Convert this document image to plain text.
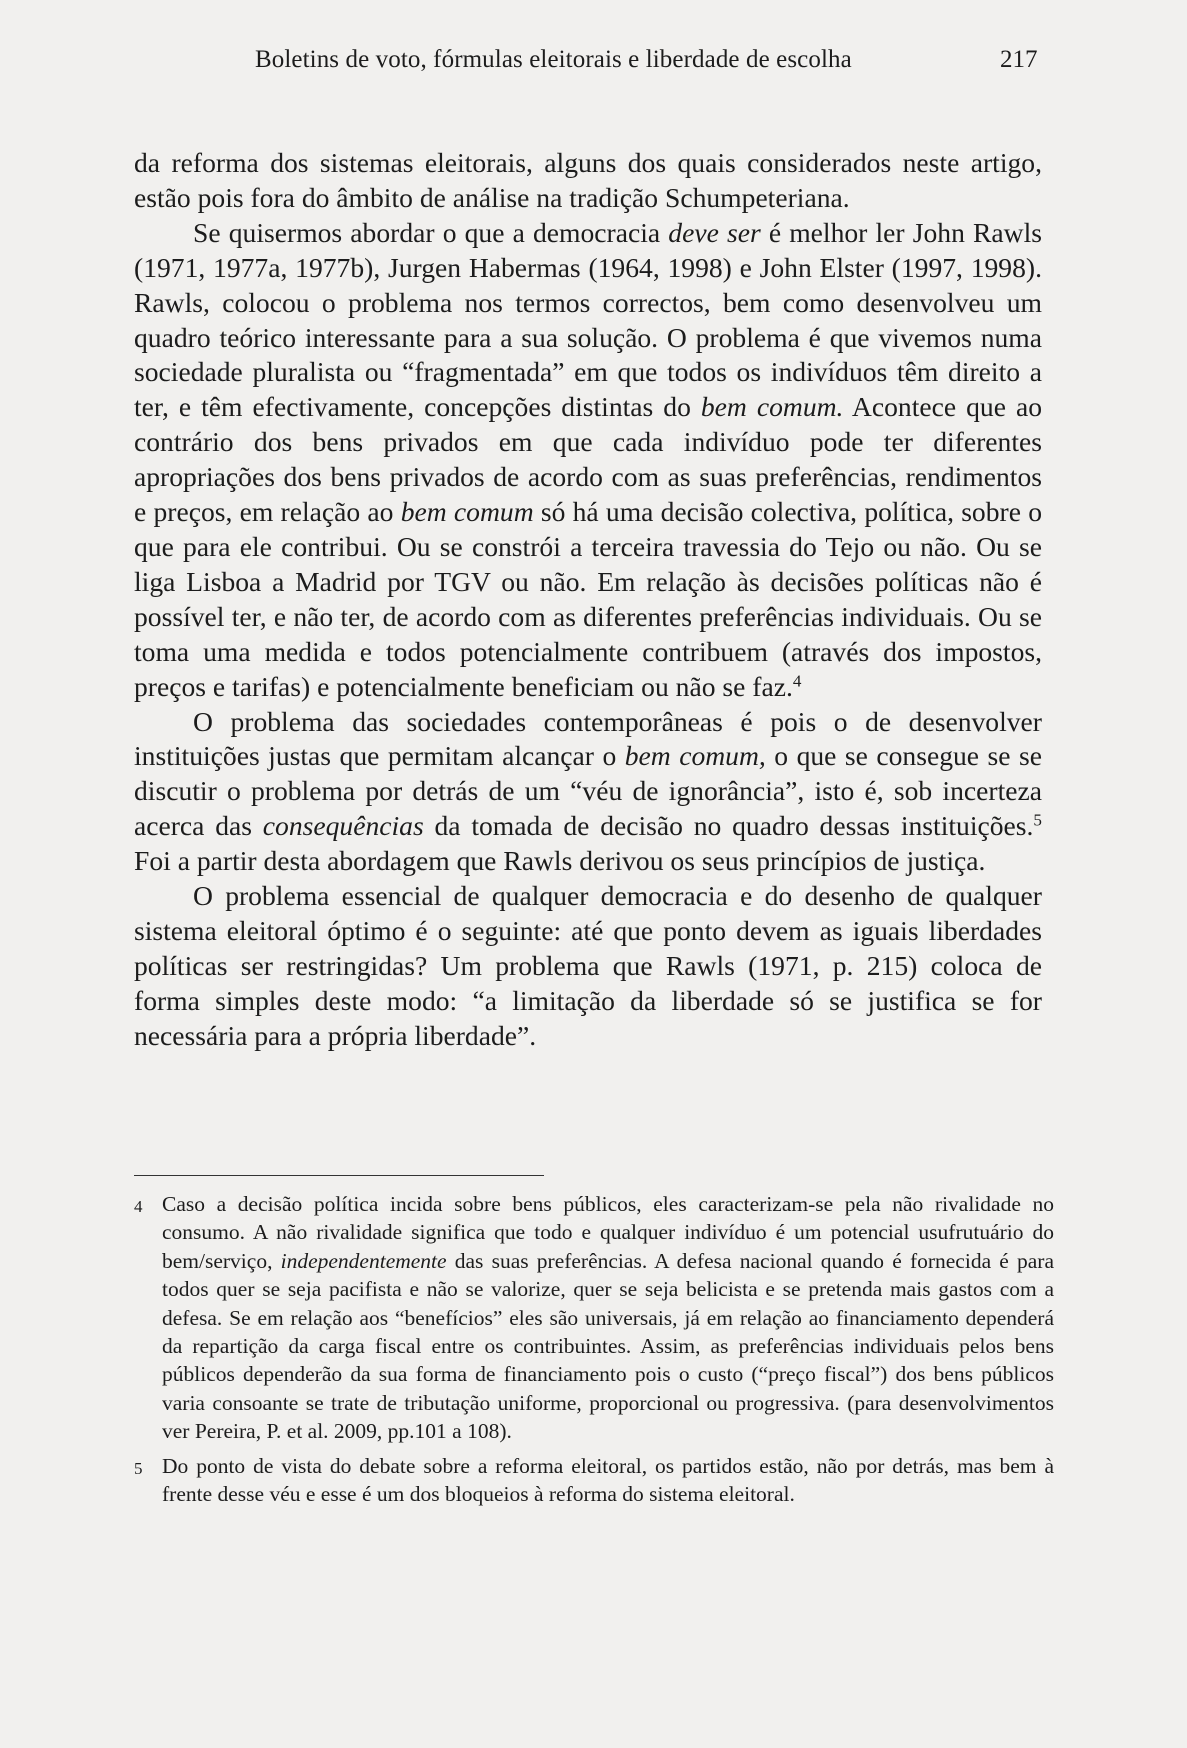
Boletins de voto, fórmulas eleitorais e liberdade de escolha	217

da reforma dos sistemas eleitorais, alguns dos quais considerados neste artigo, estão pois fora do âmbito de análise na tradição Schumpeteriana.

Se quisermos abordar o que a democracia deve ser é melhor ler John Rawls (1971, 1977a, 1977b), Jurgen Habermas (1964, 1998) e John Elster (1997, 1998). Rawls, colocou o problema nos termos correctos, bem como desenvolveu um quadro teórico interessante para a sua solução. O problema é que vivemos numa sociedade pluralista ou “fragmentada” em que todos os indivíduos têm direito a ter, e têm efectivamente, concepções distintas do bem comum. Acontece que ao contrário dos bens privados em que cada indivíduo pode ter diferentes apropriações dos bens privados de acordo com as suas preferências, rendimentos e preços, em relação ao bem comum só há uma decisão colectiva, política, sobre o que para ele contribui. Ou se constrói a terceira travessia do Tejo ou não. Ou se liga Lisboa a Madrid por TGV ou não. Em relação às decisões políticas não é possível ter, e não ter, de acordo com as diferentes preferências individuais. Ou se toma uma medida e todos potencialmente contribuem (através dos impostos, preços e tarifas) e potencialmente beneficiam ou não se faz.$^4$

O problema das sociedades contemporâneas é pois o de desenvolver instituições justas que permitam alcançar o bem comum, o que se consegue se se discutir o problema por detrás de um “véu de ignorância”, isto é, sob incerteza acerca das consequências da tomada de decisão no quadro dessas instituições.$^5$ Foi a partir desta abordagem que Rawls derivou os seus princípios de justiça.

O problema essencial de qualquer democracia e do desenho de qualquer sistema eleitoral óptimo é o seguinte: até que ponto devem as iguais liberdades políticas ser restringidas? Um problema que Rawls (1971, p. 215) coloca de forma simples deste modo: “a limitação da liberdade só se justifica se for necessária para a própria liberdade”.

4 Caso a decisão política incida sobre bens públicos, eles caracterizam-se pela não rivalidade no consumo. A não rivalidade significa que todo e qualquer indivíduo é um potencial usufrutuário do bem/serviço, independentemente das suas preferências. A defesa nacional quando é fornecida é para todos quer se seja pacifista e não se valorize, quer se seja belicista e se pretenda mais gastos com a defesa. Se em relação aos “benefícios” eles são universais, já em relação ao financiamento dependerá da repartição da carga fiscal entre os contribuintes. Assim, as preferências individuais pelos bens públicos dependerão da sua forma de financiamento pois o custo (“preço fiscal”) dos bens públicos varia consoante se trate de tributação uniforme, proporcional ou progressiva. (para desenvolvimentos ver Pereira, P. et al. 2009, pp.101 a 108).
5 Do ponto de vista do debate sobre a reforma eleitoral, os partidos estão, não por detrás, mas bem à frente desse véu e esse é um dos bloqueios à reforma do sistema eleitoral.
